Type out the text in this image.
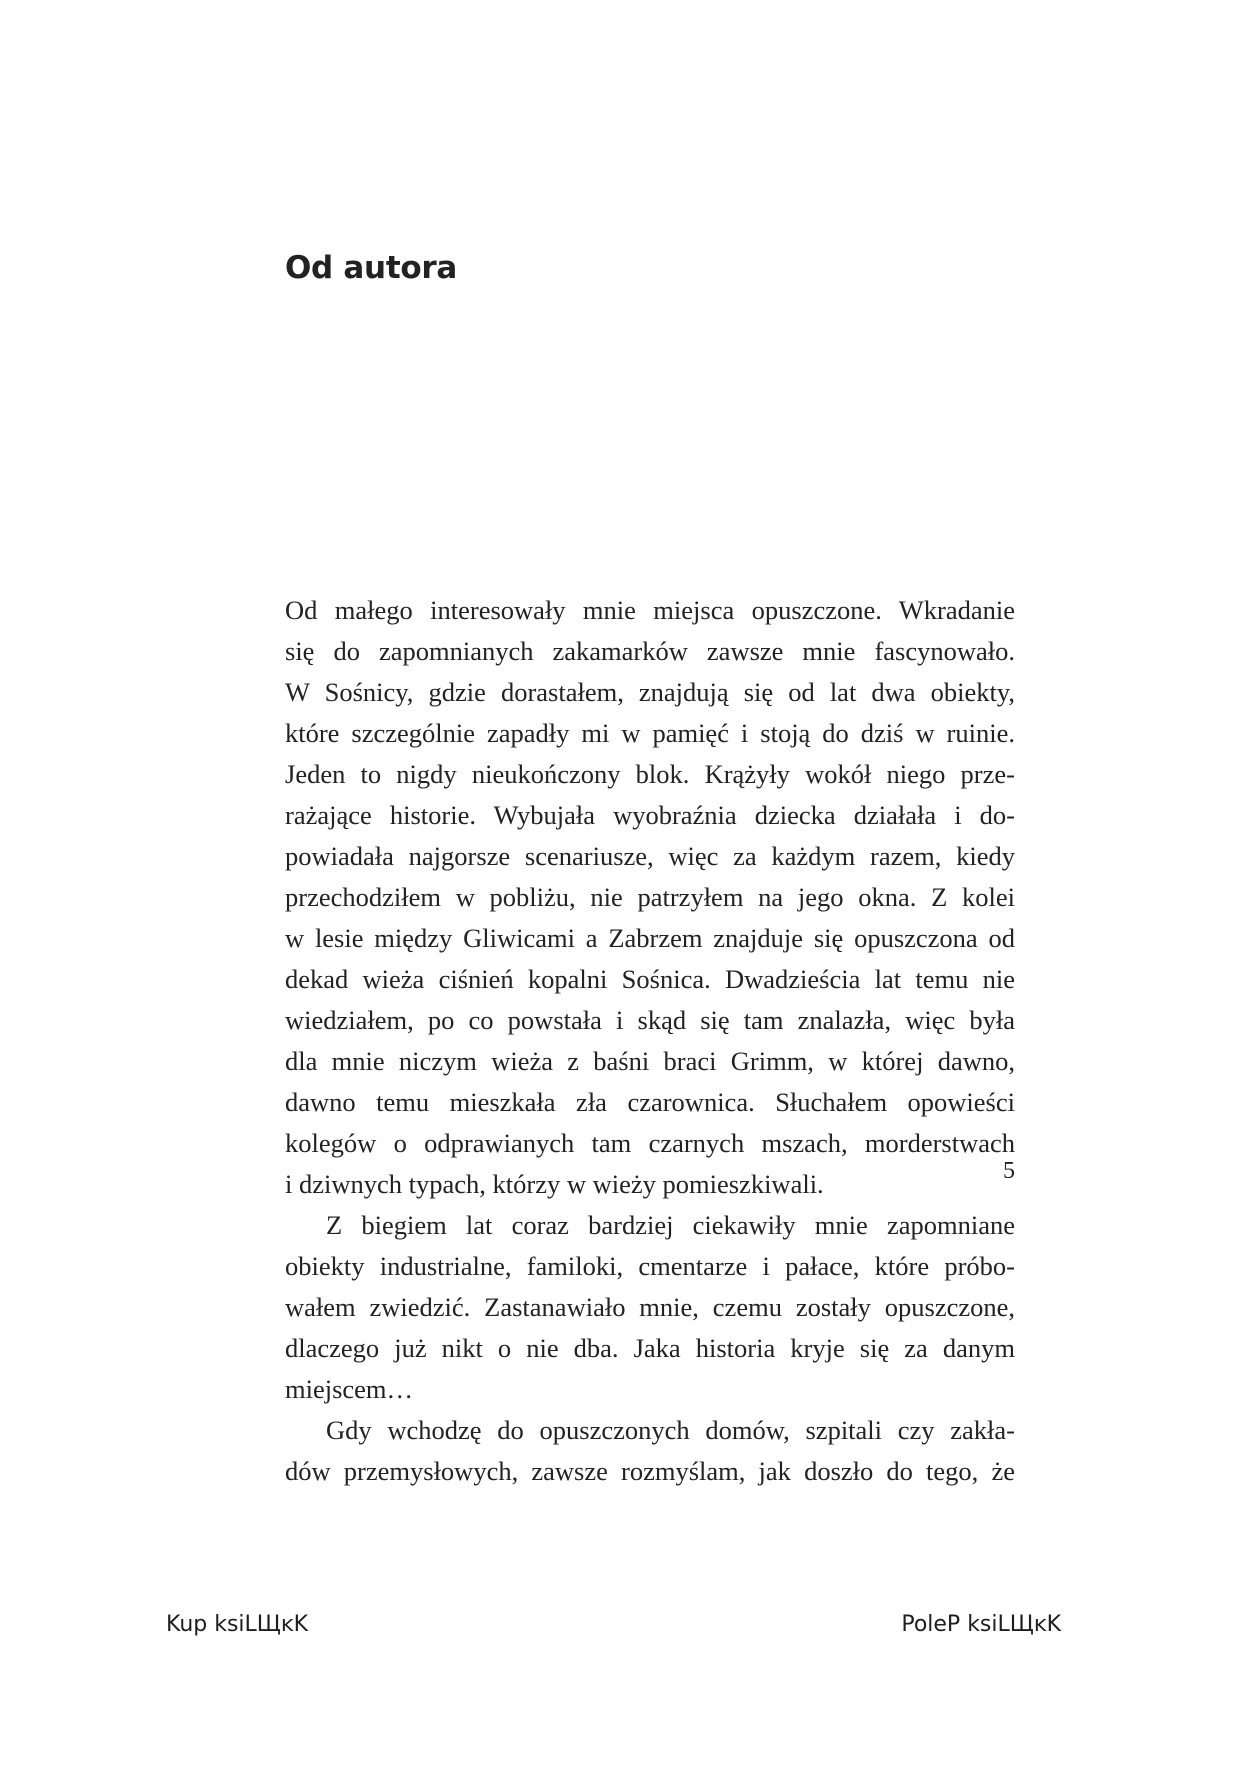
Od autora
Od małego interesowały mnie miejsca opuszczone. Wkradanie
się do zapomnianych zakamarków zawsze mnie fascynowało.
W Sośnicy, gdzie dorastałem, znajdują się od lat dwa obiekty,
które szczególnie zapadły mi w pamięć i stoją do dziś w ruinie.
Jeden to nigdy nieukończony blok. Krążyły wokół niego prze-
rażające historie. Wybujała wyobraźnia dziecka działała i do-
powiadała najgorsze scenariusze, więc za każdym razem, kiedy
przechodziłem w pobliżu, nie patrzyłem na jego okna. Z kolei
w lesie między Gliwicami a Zabrzem znajduje się opuszczona od
dekad wieża ciśnień kopalni Sośnica. Dwadzieścia lat temu nie
wiedziałem, po co powstała i skąd się tam znalazła, więc była
dla mnie niczym wieża z baśni braci Grimm, w której dawno,
dawno temu mieszkała zła czarownica. Słuchałem opowieści
kolegów o odprawianych tam czarnych mszach, morderstwach
i dziwnych typach, którzy w wieży pomieszkiwali.
Z biegiem lat coraz bardziej ciekawiły mnie zapomniane
obiekty industrialne, familoki, cmentarze i pałace, które próbo-
wałem zwiedzić. Zastanawiało mnie, czemu zostały opuszczone,
dlaczego już nikt o nie dba. Jaka historia kryje się za danym
miejscem…
Gdy wchodzę do opuszczonych domów, szpitali czy zakła-
dów przemysłowych, zawsze rozmyślam, jak doszło do tego, że
5
Kup ksiLЩĸK	PoleP ksiLЩĸK
